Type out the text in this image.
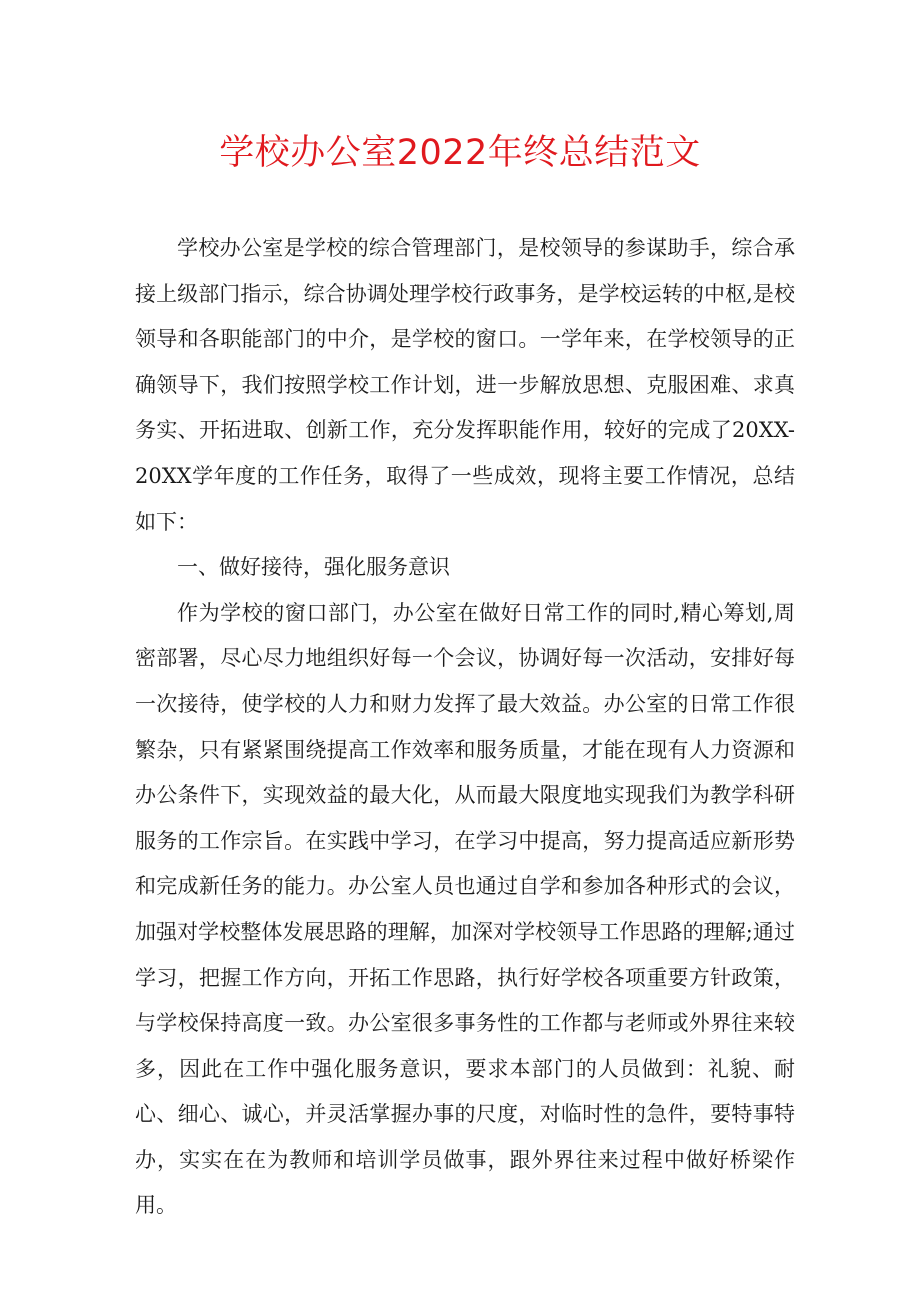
学校办公室2022年终总结范文

学校办公室是学校的综合管理部门，是校领导的参谋助手，综合承接上级部门指示，综合协调处理学校行政事务，是学校运转的中枢,是校领导和各职能部门的中介，是学校的窗口。一学年来，在学校领导的正确领导下，我们按照学校工作计划，进一步解放思想、克服困难、求真务实、开拓进取、创新工作，充分发挥职能作用，较好的完成了20XX-20XX学年度的工作任务，取得了一些成效，现将主要工作情况，总结如下：

一、做好接待，强化服务意识

作为学校的窗口部门，办公室在做好日常工作的同时,精心筹划,周密部署，尽心尽力地组织好每一个会议，协调好每一次活动，安排好每一次接待，使学校的人力和财力发挥了最大效益。办公室的日常工作很繁杂，只有紧紧围绕提高工作效率和服务质量，才能在现有人力资源和办公条件下，实现效益的最大化，从而最大限度地实现我们为教学科研服务的工作宗旨。在实践中学习，在学习中提高，努力提高适应新形势和完成新任务的能力。办公室人员也通过自学和参加各种形式的会议，加强对学校整体发展思路的理解，加深对学校领导工作思路的理解;通过学习，把握工作方向，开拓工作思路，执行好学校各项重要方针政策，与学校保持高度一致。办公室很多事务性的工作都与老师或外界往来较多，因此在工作中强化服务意识，要求本部门的人员做到：礼貌、耐心、细心、诚心，并灵活掌握办事的尺度，对临时性的急件，要特事特办，实实在在为教师和培训学员做事，跟外界往来过程中做好桥梁作用。
